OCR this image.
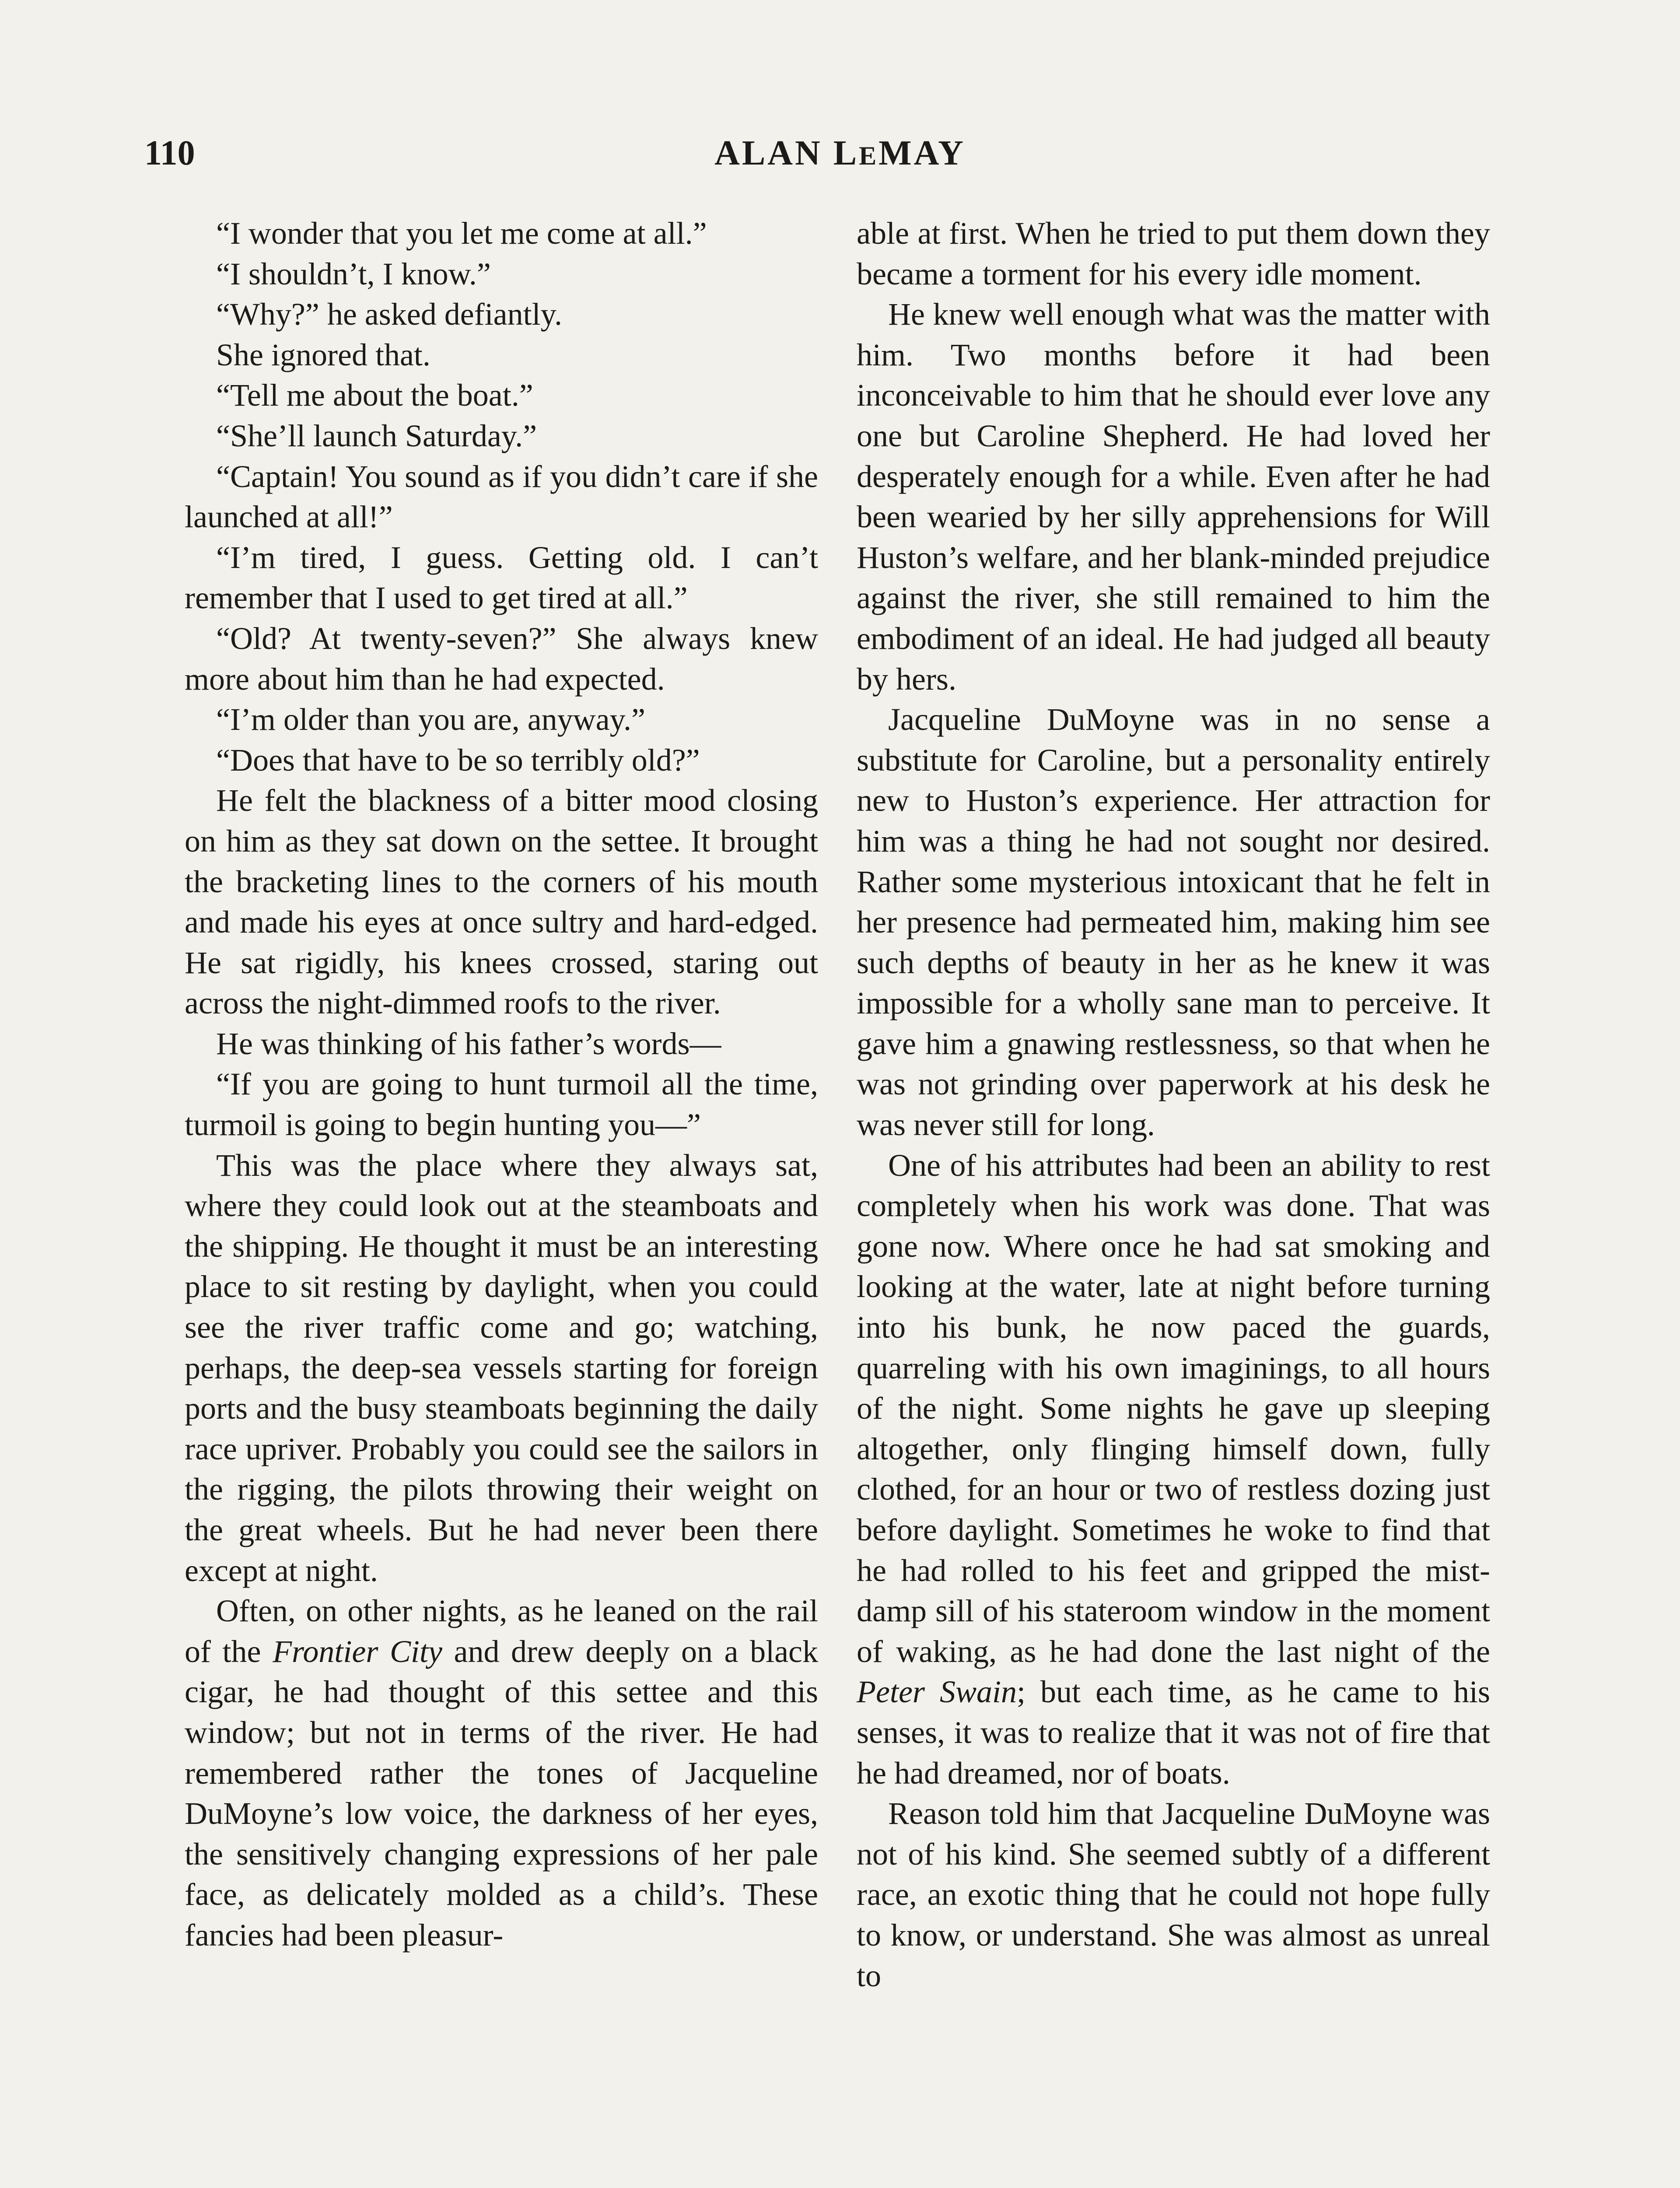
110	ALAN LEMAY

“I wonder that you let me come at all.”

“I shouldn’t, I know.”

“Why?” he asked defiantly.

She ignored that.

“Tell me about the boat.”

“She’ll launch Saturday.”

“Captain! You sound as if you didn’t care if she launched at all!”

“I’m tired, I guess. Getting old. I can’t remember that I used to get tired at all.”

“Old? At twenty-seven?” She always knew more about him than he had expected.

“I’m older than you are, anyway.”

“Does that have to be so terribly old?”

He felt the blackness of a bitter mood closing on him as they sat down on the settee. It brought the bracketing lines to the corners of his mouth and made his eyes at once sultry and hard-edged. He sat rigidly, his knees crossed, staring out across the night-dimmed roofs to the river.

He was thinking of his father’s words—

“If you are going to hunt turmoil all the time, turmoil is going to begin hunting you—”

This was the place where they always sat, where they could look out at the steamboats and the shipping. He thought it must be an interesting place to sit resting by daylight, when you could see the river traffic come and go; watching, perhaps, the deep-sea vessels starting for foreign ports and the busy steamboats beginning the daily race upriver. Probably you could see the sailors in the rigging, the pilots throwing their weight on the great wheels. But he had never been there except at night.

Often, on other nights, as he leaned on the rail of the Frontier City and drew deeply on a black cigar, he had thought of this settee and this window; but not in terms of the river. He had remembered rather the tones of Jacqueline DuMoyne’s low voice, the darkness of her eyes, the sensitively changing expressions of her pale face, as delicately molded as a child’s. These fancies had been pleasur-

able at first. When he tried to put them down they became a torment for his every idle moment.

He knew well enough what was the matter with him. Two months before it had been inconceivable to him that he should ever love any one but Caroline Shepherd. He had loved her desperately enough for a while. Even after he had been wearied by her silly apprehensions for Will Huston’s welfare, and her blank-minded prejudice against the river, she still remained to him the embodiment of an ideal. He had judged all beauty by hers.

Jacqueline DuMoyne was in no sense a substitute for Caroline, but a personality entirely new to Huston’s experience. Her attraction for him was a thing he had not sought nor desired. Rather some mysterious intoxicant that he felt in her presence had permeated him, making him see such depths of beauty in her as he knew it was impossible for a wholly sane man to perceive. It gave him a gnawing restlessness, so that when he was not grinding over paperwork at his desk he was never still for long.

One of his attributes had been an ability to rest completely when his work was done. That was gone now. Where once he had sat smoking and looking at the water, late at night before turning into his bunk, he now paced the guards, quarreling with his own imaginings, to all hours of the night. Some nights he gave up sleeping altogether, only flinging himself down, fully clothed, for an hour or two of restless dozing just before daylight. Sometimes he woke to find that he had rolled to his feet and gripped the mist-damp sill of his stateroom window in the moment of waking, as he had done the last night of the Peter Swain; but each time, as he came to his senses, it was to realize that it was not of fire that he had dreamed, nor of boats.

Reason told him that Jacqueline DuMoyne was not of his kind. She seemed subtly of a different race, an exotic thing that he could not hope fully to know, or understand. She was almost as unreal to
